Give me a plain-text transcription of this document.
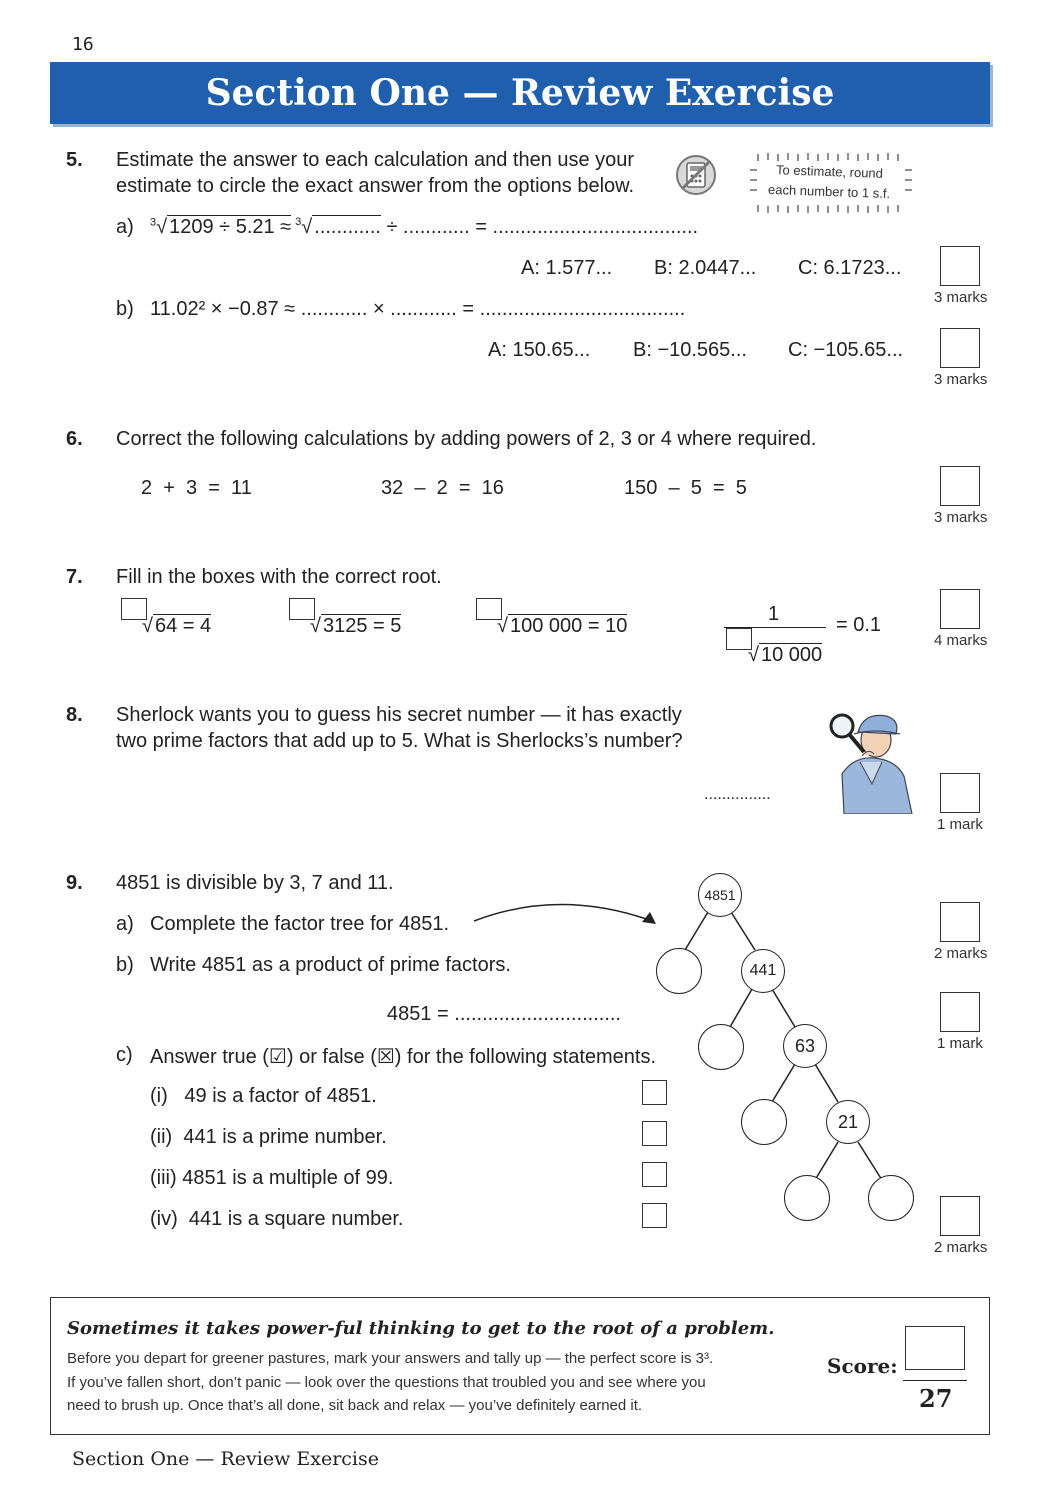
16
Section One — Review Exercise
5. Estimate the answer to each calculation and then use your
estimate to circle the exact answer from the options below.
To estimate, round
each number to 1 s.f.
a) $^3$√ 1209 ÷ 5.21 ≈ $^3$√ ............ ÷ ............ = .....................................
A: 1.577... B: 2.0447... C: 6.1723...
3 marks
b) 11.02² × −0.87 ≈ ............ × ............ = .....................................
A: 150.65... B: −10.565... C: −105.65...
3 marks
6. Correct the following calculations by adding powers of 2, 3 or 4 where required.
2  +  3  =  11	32  –  2  =  16	150  –  5  =  5
3 marks
7. Fill in the boxes with the correct root.
√ 64 = 4	√ 3125 = 5	√ 100 000 = 10
1
√ 10 000
= 0.1
4 marks
8. Sherlock wants you to guess his secret number — it has exactly
two prime factors that add up to 5. What is Sherlocks’s number?
...............
1 mark
9. 4851 is divisible by 3, 7 and 11.
a) Complete the factor tree for 4851.
b) Write 4851 as a product of prime factors.
4851 = ..............................
c) Answer true (☑) or false (☒) for the following statements.
(i)   49 is a factor of 4851.
(ii)  441 is a prime number.
(iii) 4851 is a multiple of 99.
(iv)  441 is a square number.
4851
441
63
21
2 marks
1 mark
2 marks
Sometimes it takes power-ful thinking to get to the root of a problem.
Before you depart for greener pastures, mark your answers and tally up — the perfect score is 3³.
If you’ve fallen short, don’t panic — look over the questions that troubled you and see where you
need to brush up. Once that’s all done, sit back and relax — you’ve definitely earned it.
Score:
27
Section One — Review Exercise
